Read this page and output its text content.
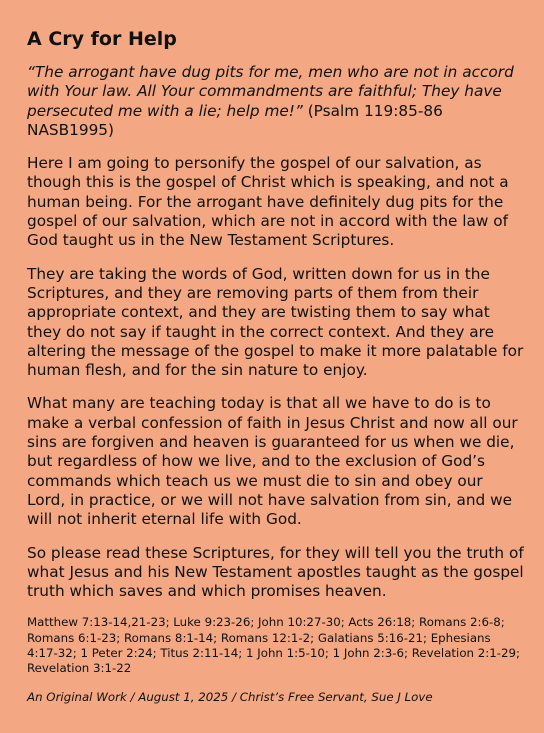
A Cry for Help

“The arrogant have dug pits for me, men who are not in accord with Your law. All Your commandments are faithful; They have persecuted me with a lie; help me!” (Psalm 119:85-86 NASB1995)

Here I am going to personify the gospel of our salvation, as though this is the gospel of Christ which is speaking, and not a human being. For the arrogant have definitely dug pits for the gospel of our salvation, which are not in accord with the law of God taught us in the New Testament Scriptures.

They are taking the words of God, written down for us in the Scriptures, and they are removing parts of them from their appropriate context, and they are twisting them to say what they do not say if taught in the correct context. And they are altering the message of the gospel to make it more palatable for human flesh, and for the sin nature to enjoy.

What many are teaching today is that all we have to do is to make a verbal confession of faith in Jesus Christ and now all our sins are forgiven and heaven is guaranteed for us when we die, but regardless of how we live, and to the exclusion of God’s commands which teach us we must die to sin and obey our Lord, in practice, or we will not have salvation from sin, and we will not inherit eternal life with God.

So please read these Scriptures, for they will tell you the truth of what Jesus and his New Testament apostles taught as the gospel truth which saves and which promises heaven.

Matthew 7:13-14,21-23; Luke 9:23-26; John 10:27-30; Acts 26:18; Romans 2:6-8; Romans 6:1-23; Romans 8:1-14; Romans 12:1-2; Galatians 5:16-21; Ephesians 4:17-32; 1 Peter 2:24; Titus 2:11-14; 1 John 1:5-10; 1 John 2:3-6; Revelation 2:1-29; Revelation 3:1-22
An Original Work / August 1, 2025 / Christ’s Free Servant, Sue J Love
